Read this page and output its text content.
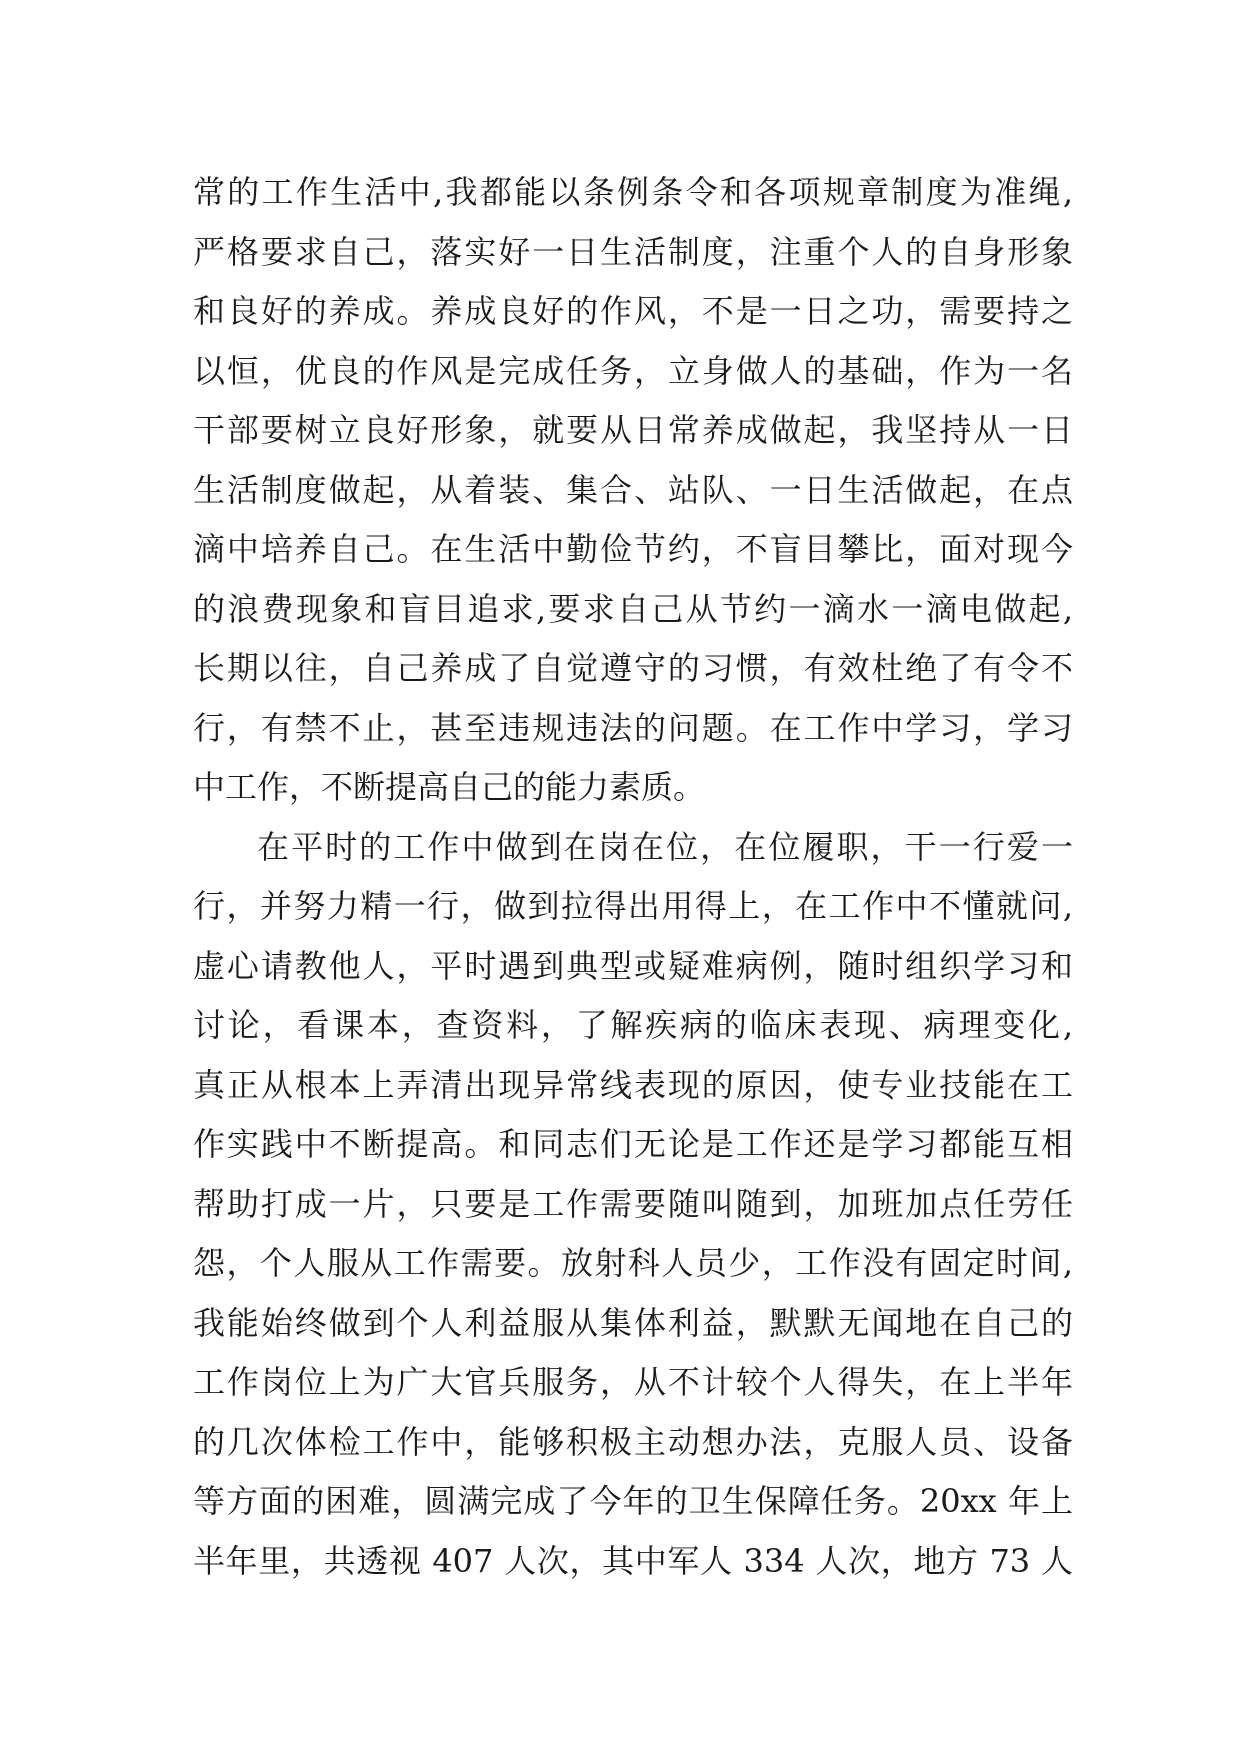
常的工作生活中,我都能以条例条令和各项规章制度为准绳,
严格要求自己，落实好一日生活制度，注重个人的自身形象
和良好的养成。养成良好的作风，不是一日之功，需要持之
以恒，优良的作风是完成任务，立身做人的基础，作为一名
干部要树立良好形象，就要从日常养成做起，我坚持从一日
生活制度做起，从着装、集合、站队、一日生活做起，在点
滴中培养自己。在生活中勤俭节约，不盲目攀比，面对现今
的浪费现象和盲目追求,要求自己从节约一滴水一滴电做起,
长期以往，自己养成了自觉遵守的习惯，有效杜绝了有令不
行，有禁不止，甚至违规违法的问题。在工作中学习，学习
中工作，不断提高自己的能力素质。
在平时的工作中做到在岗在位，在位履职，干一行爱一
行，并努力精一行，做到拉得出用得上，在工作中不懂就问,
虚心请教他人，平时遇到典型或疑难病例，随时组织学习和
讨论，看课本，查资料，了解疾病的临床表现、病理变化,
真正从根本上弄清出现异常线表现的原因，使专业技能在工
作实践中不断提高。和同志们无论是工作还是学习都能互相
帮助打成一片，只要是工作需要随叫随到，加班加点任劳任
怨，个人服从工作需要。放射科人员少，工作没有固定时间,
我能始终做到个人利益服从集体利益，默默无闻地在自己的
工作岗位上为广大官兵服务，从不计较个人得失，在上半年
的几次体检工作中，能够积极主动想办法，克服人员、设备
等方面的困难，圆满完成了今年的卫生保障任务。20xx 年上
半年里，共透视 407 人次，其中军人 334 人次，地方 73 人
